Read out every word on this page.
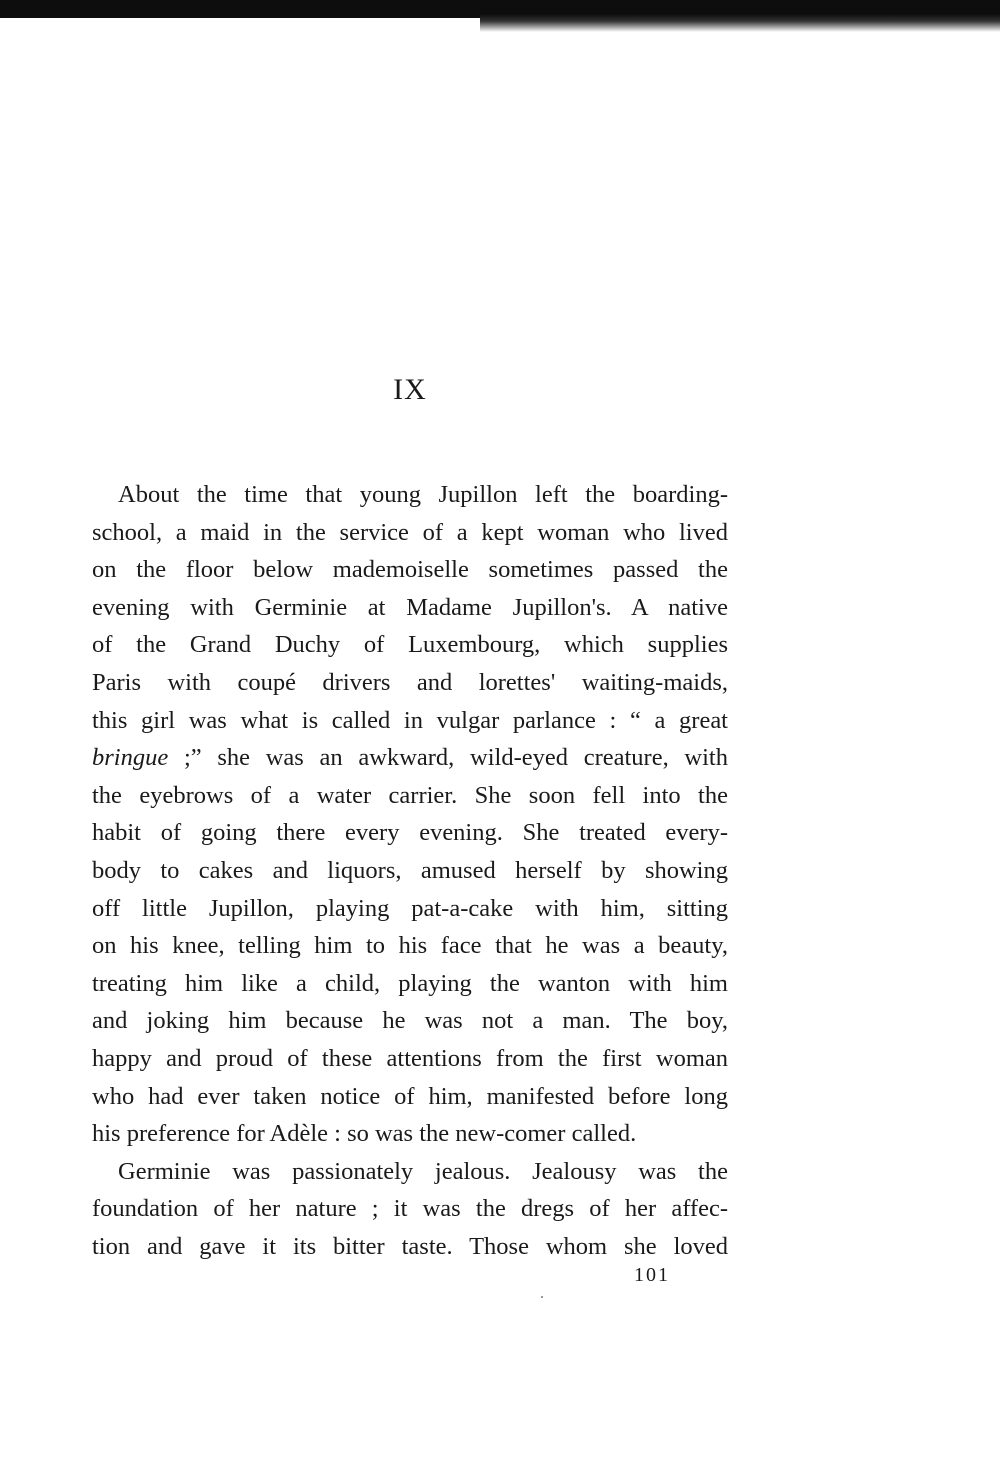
IX
About the time that young Jupillon left the boarding-
school, a maid in the service of a kept woman who lived
on the floor below mademoiselle sometimes passed the
evening with Germinie at Madame Jupillon's. A native
of the Grand Duchy of Luxembourg, which supplies
Paris with coupé drivers and lorettes' waiting-maids,
this girl was what is called in vulgar parlance : “ a great
bringue ;” she was an awkward, wild-eyed creature, with
the eyebrows of a water carrier. She soon fell into the
habit of going there every evening. She treated every-
body to cakes and liquors, amused herself by showing
off little Jupillon, playing pat-a-cake with him, sitting
on his knee, telling him to his face that he was a beauty,
treating him like a child, playing the wanton with him
and joking him because he was not a man. The boy,
happy and proud of these attentions from the first woman
who had ever taken notice of him, manifested before long
his preference for Adèle : so was the new-comer called.
Germinie was passionately jealous. Jealousy was the
foundation of her nature ; it was the dregs of her affec-
tion and gave it its bitter taste. Those whom she loved
101
